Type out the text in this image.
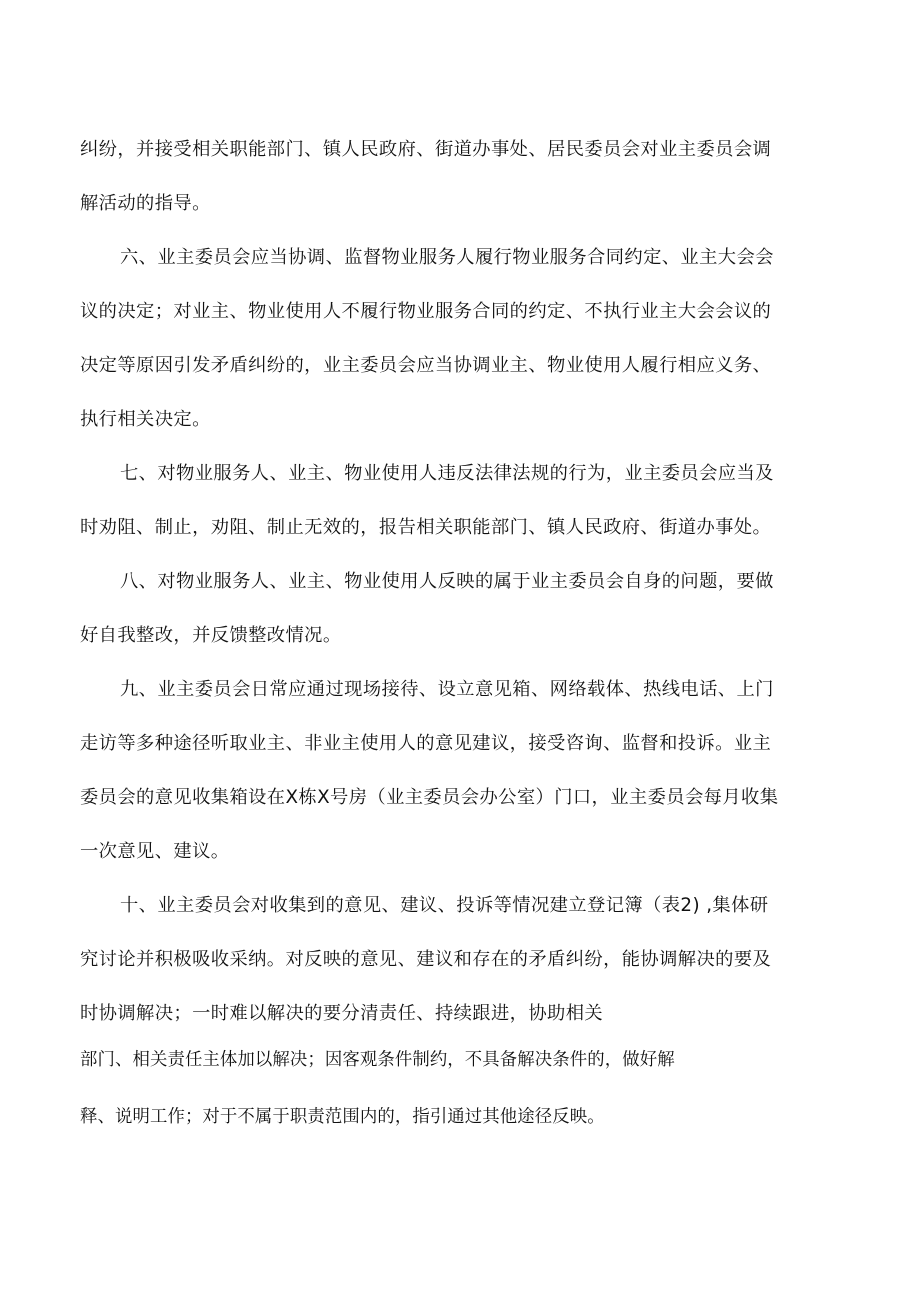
纠纷，并接受相关职能部门、镇人民政府、街道办事处、居民委员会对业主委员会调
解活动的指导。
六、业主委员会应当协调、监督物业服务人履行物业服务合同约定、业主大会会
议的决定；对业主、物业使用人不履行物业服务合同的约定、不执行业主大会会议的
决定等原因引发矛盾纠纷的，业主委员会应当协调业主、物业使用人履行相应义务、
执行相关决定。
七、对物业服务人、业主、物业使用人违反法律法规的行为，业主委员会应当及
时劝阻、制止，劝阻、制止无效的，报告相关职能部门、镇人民政府、街道办事处。
八、对物业服务人、业主、物业使用人反映的属于业主委员会自身的问题，要做
好自我整改，并反馈整改情况。
九、业主委员会日常应通过现场接待、设立意见箱、网络载体、热线电话、上门
走访等多种途径听取业主、非业主使用人的意见建议，接受咨询、监督和投诉。业主
委员会的意见收集箱设在X栋X号房（业主委员会办公室）门口，业主委员会每月收集
一次意见、建议。
十、业主委员会对收集到的意见、建议、投诉等情况建立登记簿（表2) ,集体研
究讨论并积极吸收采纳。对反映的意见、建议和存在的矛盾纠纷，能协调解决的要及
时协调解决；一时难以解决的要分清责任、持续跟进，协助相关
部门、相关责任主体加以解决；因客观条件制约，不具备解决条件的，做好解
释、说明工作；对于不属于职责范围内的，指引通过其他途径反映。
